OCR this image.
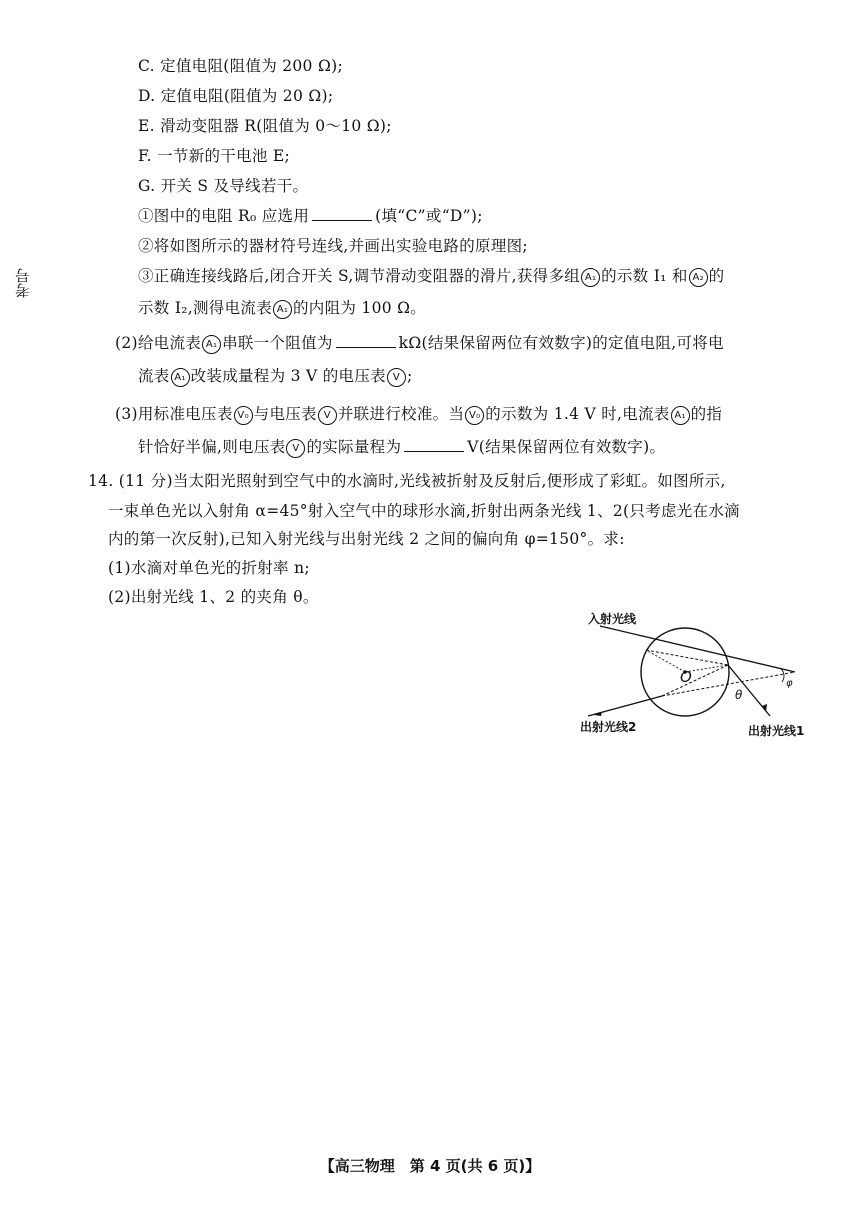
考号
C. 定值电阻(阻值为 200 Ω);
D. 定值电阻(阻值为 20 Ω);
E. 滑动变阻器 R(阻值为 0～10 Ω);
F. 一节新的干电池 E;
G. 开关 S 及导线若干。
①图中的电阻 R₀ 应选用	(填“C”或“D”);
②将如图所示的器材符号连线,并画出实验电路的原理图;
③正确连接线路后,闭合开关 S,调节滑动变阻器的滑片,获得多组 A₁ 的示数 I₁ 和 A₂ 的
示数 I₂,测得电流表 A₁ 的内阻为 100 Ω。
(2)给电流表 A₁ 串联一个阻值为	kΩ(结果保留两位有效数字)的定值电阻,可将电
流表 A₁ 改装成量程为 3 V 的电压表 V ;
(3)用标准电压表 V₀ 与电压表 V 并联进行校准。当 V₀ 的示数为 1.4 V 时,电流表 A₁ 的指
针恰好半偏,则电压表 V 的实际量程为	V(结果保留两位有效数字)。
14. (11 分)当太阳光照射到空气中的水滴时,光线被折射及反射后,便形成了彩虹。如图所示,
一束单色光以入射角 α=45°射入空气中的球形水滴,折射出两条光线 1、2(只考虑光在水滴
内的第一次反射),已知入射光线与出射光线 2 之间的偏向角 φ=150°。求:
(1)水滴对单色光的折射率 n;
(2)出射光线 1、2 的夹角 θ。
入射光线
O
θ
φ
出射光线2	出射光线1
【高三物理　第 4 页(共 6 页)】
